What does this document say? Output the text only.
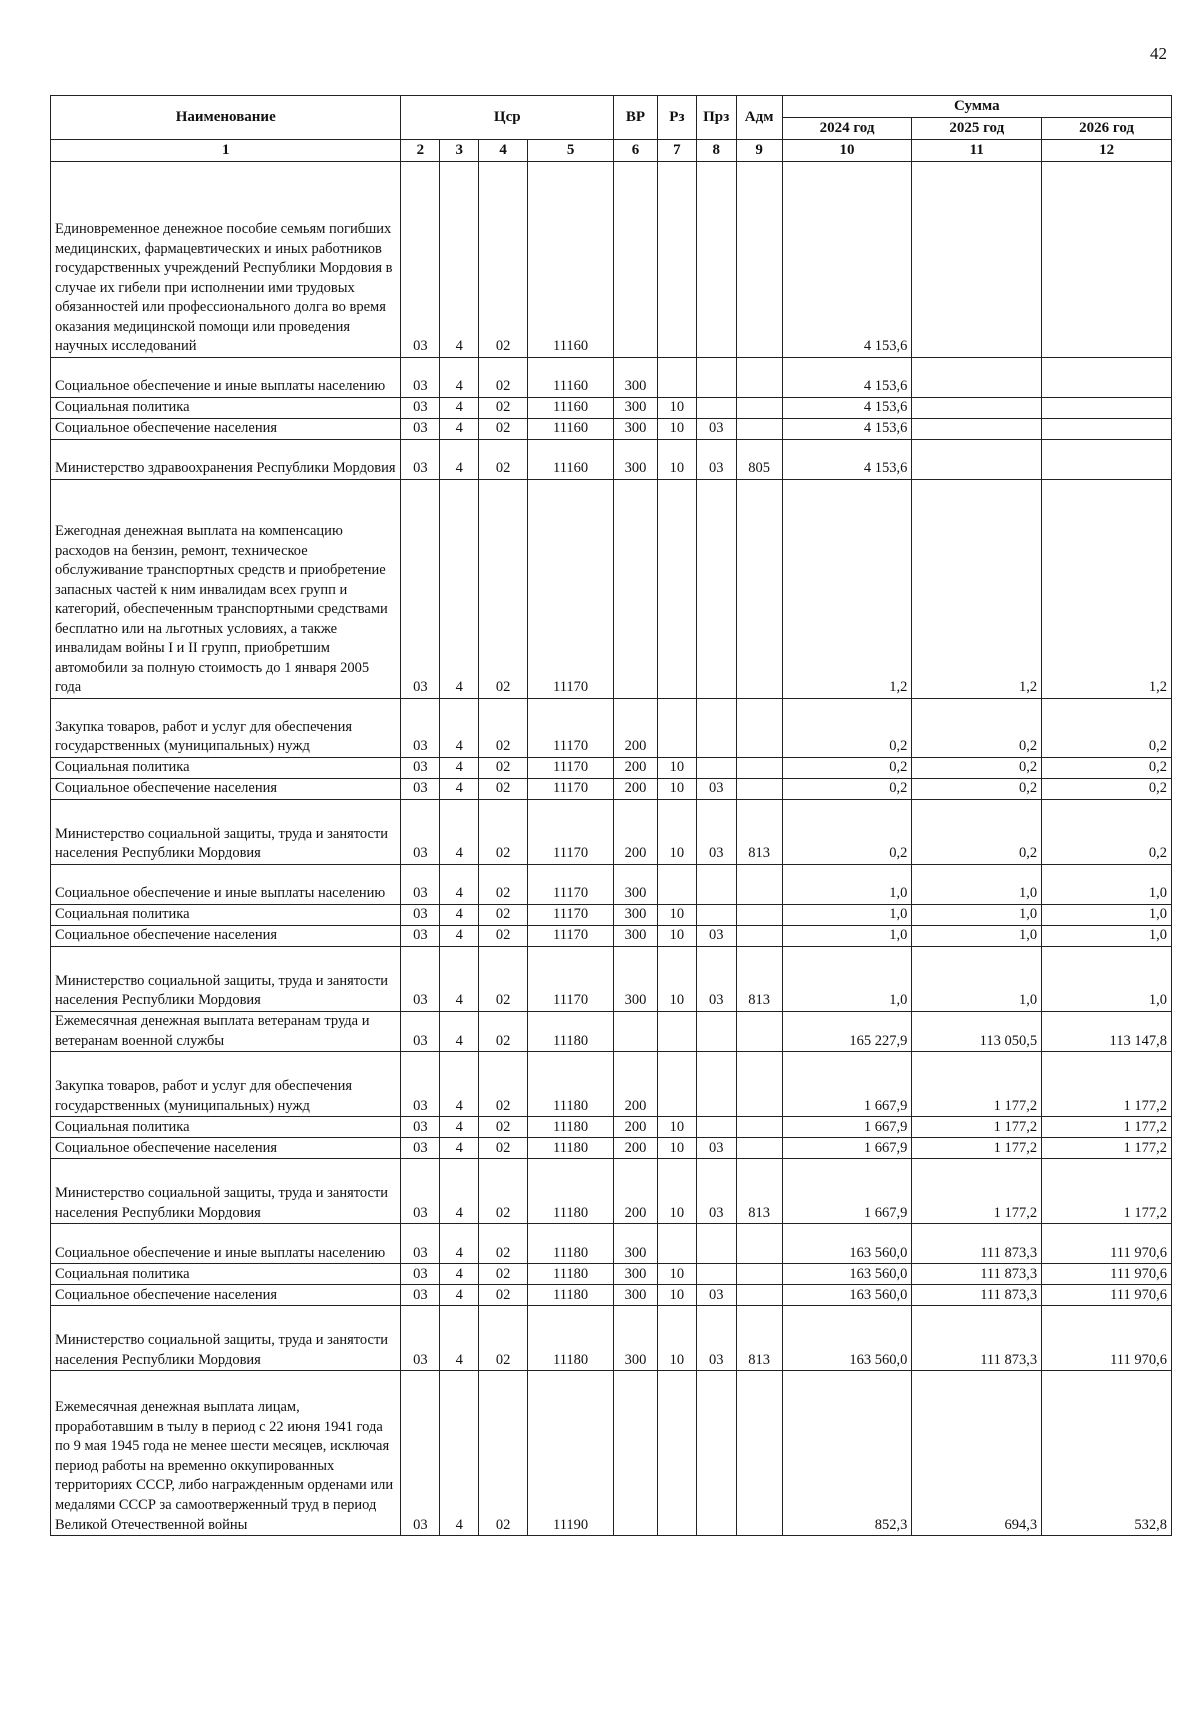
42
Наименование	Цср				ВР	Рз	Прз	Адм	Сумма		
									2024 год	2025 год	2026 год
1	2	3	4	5	6	7	8	9	10	11	12
Единовременное денежное пособие семьям погибших медицинских, фармацевтических и иных работников государственных учреждений Республики Мордовия в случае их гибели при исполнении ими трудовых обязанностей или профессионального долга во время оказания медицинской помощи или проведения научных исследований	03	4	02	11160					4 153,6		
Социальное обеспечение и иные выплаты населению	03	4	02	11160	300				4 153,6		
Социальная политика	03	4	02	11160	300	10			4 153,6		
Социальное обеспечение населения	03	4	02	11160	300	10	03		4 153,6		
Министерство здравоохранения Республики Мордовия	03	4	02	11160	300	10	03	805	4 153,6		
Ежегодная денежная выплата на компенсацию расходов на бензин, ремонт, техническое обслуживание транспортных средств и приобретение запасных частей к ним инвалидам всех групп и категорий, обеспеченным транспортными средствами бесплатно или на льготных условиях, а также инвалидам войны I и II групп, приобретшим автомобили за полную стоимость до 1 января 2005 года	03	4	02	11170					1,2	1,2	1,2
Закупка товаров, работ и услуг для обеспечения государственных (муниципальных) нужд	03	4	02	11170	200				0,2	0,2	0,2
Социальная политика	03	4	02	11170	200	10			0,2	0,2	0,2
Социальное обеспечение населения	03	4	02	11170	200	10	03		0,2	0,2	0,2
Министерство социальной защиты, труда и занятости населения Республики Мордовия	03	4	02	11170	200	10	03	813	0,2	0,2	0,2
Социальное обеспечение и иные выплаты населению	03	4	02	11170	300				1,0	1,0	1,0
Социальная политика	03	4	02	11170	300	10			1,0	1,0	1,0
Социальное обеспечение населения	03	4	02	11170	300	10	03		1,0	1,0	1,0
Министерство социальной защиты, труда и занятости населения Республики Мордовия	03	4	02	11170	300	10	03	813	1,0	1,0	1,0
Ежемесячная денежная выплата ветеранам труда и ветеранам военной службы	03	4	02	11180					165 227,9	113 050,5	113 147,8
Закупка товаров, работ и услуг для обеспечения государственных (муниципальных) нужд	03	4	02	11180	200				1 667,9	1 177,2	1 177,2
Социальная политика	03	4	02	11180	200	10			1 667,9	1 177,2	1 177,2
Социальное обеспечение населения	03	4	02	11180	200	10	03		1 667,9	1 177,2	1 177,2
Министерство социальной защиты, труда и занятости населения Республики Мордовия	03	4	02	11180	200	10	03	813	1 667,9	1 177,2	1 177,2
Социальное обеспечение и иные выплаты населению	03	4	02	11180	300				163 560,0	111 873,3	111 970,6
Социальная политика	03	4	02	11180	300	10			163 560,0	111 873,3	111 970,6
Социальное обеспечение населения	03	4	02	11180	300	10	03		163 560,0	111 873,3	111 970,6
Министерство социальной защиты, труда и занятости населения Республики Мордовия	03	4	02	11180	300	10	03	813	163 560,0	111 873,3	111 970,6
Ежемесячная денежная выплата лицам, проработавшим в тылу в период с 22 июня 1941 года по 9 мая 1945 года не менее шести месяцев, исключая период работы на временно оккупированных территориях СССР, либо награжденным орденами или медалями СССР за самоотверженный труд в период Великой Отечественной войны	03	4	02	11190					852,3	694,3	532,8
